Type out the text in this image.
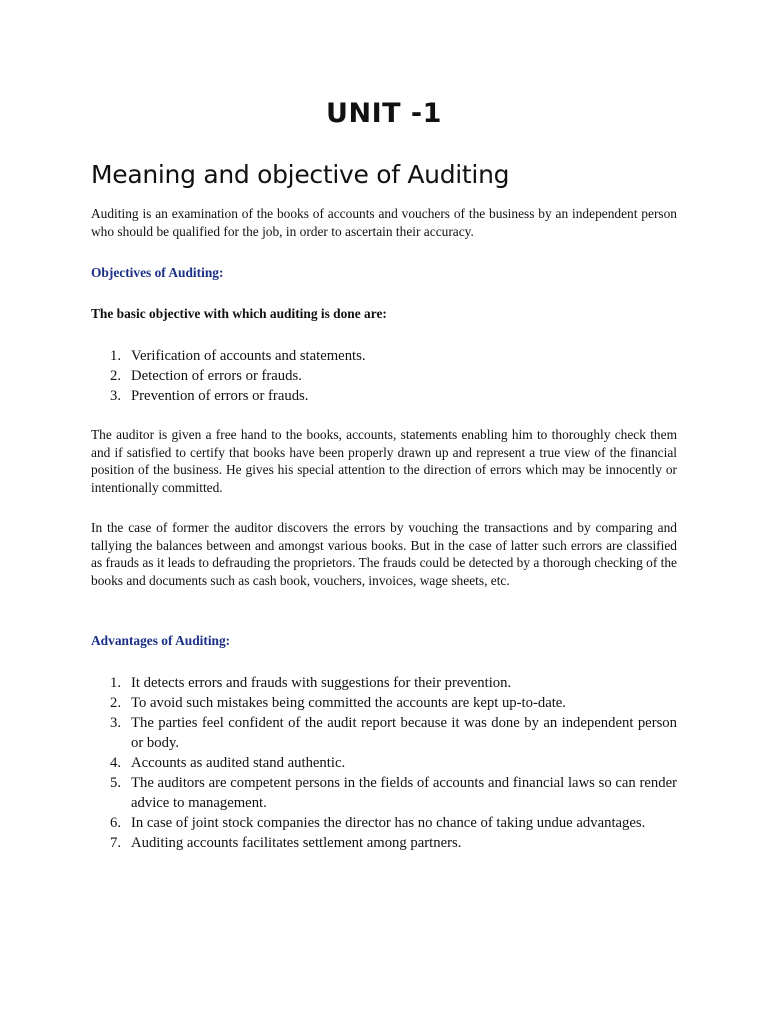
UNIT -1
Meaning and objective of Auditing

Auditing is an examination of the books of accounts and vouchers of the business by an independent person who should be qualified for the job, in order to ascertain their accuracy.

Objectives of Auditing:

The basic objective with which auditing is done are:

1. Verification of accounts and statements.
2. Detection of errors or frauds.
3. Prevention of errors or frauds.

The auditor is given a free hand to the books, accounts, statements enabling him to thoroughly check them and if satisfied to certify that books have been properly drawn up and represent a true view of the financial position of the business. He gives his special attention to the direction of errors which may be innocently or intentionally committed.

In the case of former the auditor discovers the errors by vouching the transactions and by comparing and tallying the balances between and amongst various books. But in the case of latter such errors are classified as frauds as it leads to defrauding the proprietors. The frauds could be detected by a thorough checking of the books and documents such as cash book, vouchers, invoices, wage sheets, etc.

Advantages of Auditing:
1. It detects errors and frauds with suggestions for their prevention.
2. To avoid such mistakes being committed the accounts are kept up-to-date.
3. The parties feel confident of the audit report because it was done by an independent person or body.
4. Accounts as audited stand authentic.
5. The auditors are competent persons in the fields of accounts and financial laws so can render advice to management.
6. In case of joint stock companies the director has no chance of taking undue advantages.
7. Auditing accounts facilitates settlement among partners.
